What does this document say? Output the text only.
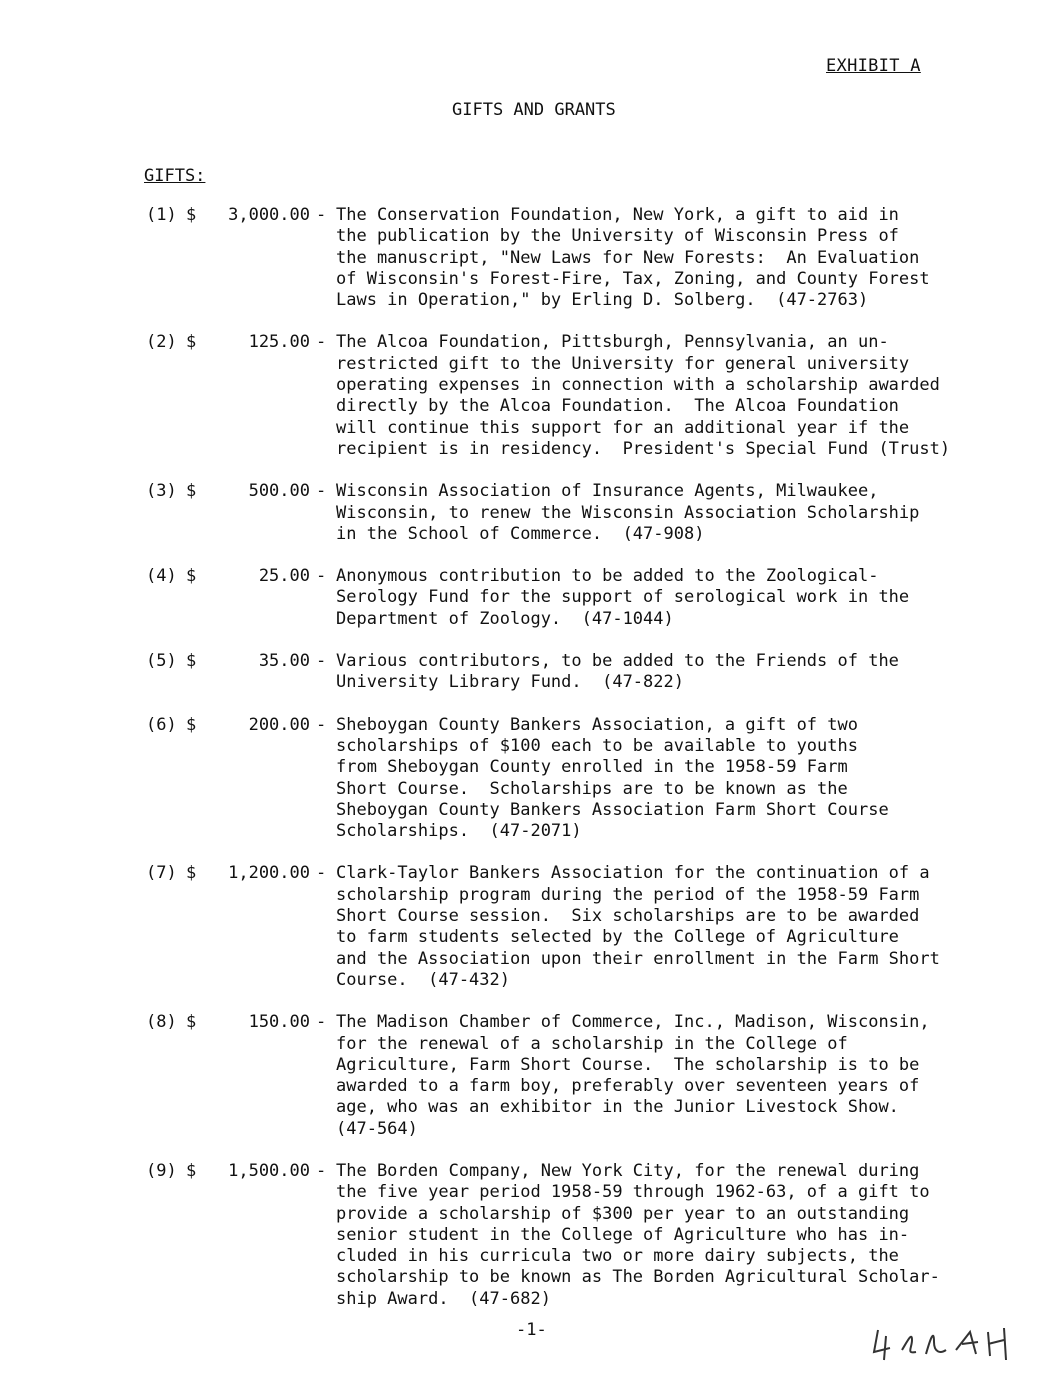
EXHIBIT A
GIFTS AND GRANTS
GIFTS:
(1) $ 3,000.00 - The Conservation Foundation, New York, a gift to aid in
the publication by the University of Wisconsin Press of
the manuscript, "New Laws for New Forests:  An Evaluation
of Wisconsin's Forest-Fire, Tax, Zoning, and County Forest
Laws in Operation," by Erling D. Solberg.  (47-2763)
(2) $	125.00 - The Alcoa Foundation, Pittsburgh, Pennsylvania, an un-
restricted gift to the University for general university
operating expenses in connection with a scholarship awarded
directly by the Alcoa Foundation.  The Alcoa Foundation
will continue this support for an additional year if the
recipient is in residency.  President's Special Fund (Trust)
(3) $	500.00 - Wisconsin Association of Insurance Agents, Milwaukee,
Wisconsin, to renew the Wisconsin Association Scholarship
in the School of Commerce.  (47-908)
(4) $	25.00 - Anonymous contribution to be added to the Zoological-
Serology Fund for the support of serological work in the
Department of Zoology.  (47-1044)
(5) $	35.00 - Various contributors, to be added to the Friends of the
University Library Fund.  (47-822)
(6) $	200.00 - Sheboygan County Bankers Association, a gift of two
scholarships of $100 each to be available to youths
from Sheboygan County enrolled in the 1958-59 Farm
Short Course.  Scholarships are to be known as the
Sheboygan County Bankers Association Farm Short Course
Scholarships.  (47-2071)
(7) $ 1,200.00 - Clark-Taylor Bankers Association for the continuation of a
scholarship program during the period of the 1958-59 Farm
Short Course session.  Six scholarships are to be awarded
to farm students selected by the College of Agriculture
and the Association upon their enrollment in the Farm Short
Course.  (47-432)
(8) $	150.00 - The Madison Chamber of Commerce, Inc., Madison, Wisconsin,
for the renewal of a scholarship in the College of
Agriculture, Farm Short Course.  The scholarship is to be
awarded to a farm boy, preferably over seventeen years of
age, who was an exhibitor in the Junior Livestock Show.
(47-564)
(9) $ 1,500.00 - The Borden Company, New York City, for the renewal during
the five year period 1958-59 through 1962-63, of a gift to
provide a scholarship of $300 per year to an outstanding
senior student in the College of Agriculture who has in-
cluded in his curricula two or more dairy subjects, the
scholarship to be known as The Borden Agricultural Scholar-
ship Award.  (47-682)
-1-
